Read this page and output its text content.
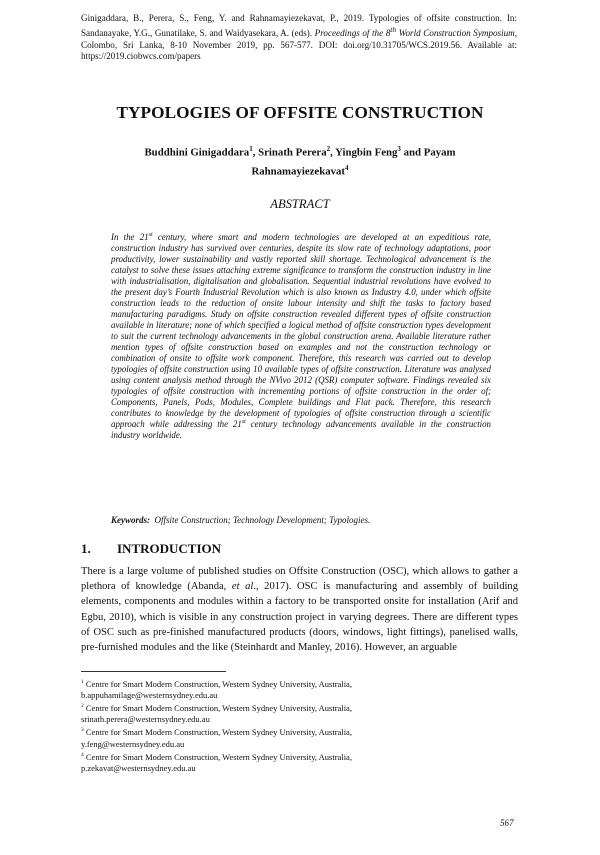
Ginigaddara, B., Perera, S., Feng, Y. and Rahnamayiezekavat, P., 2019. Typologies of offsite construction. In: Sandanayake, Y.G., Gunatilake, S. and Waidyasekara, A. (eds). Proceedings of the 8th World Construction Symposium, Colombo, Sri Lanka, 8-10 November 2019, pp. 567-577. DOI: doi.org/10.31705/WCS.2019.56. Available at: https://2019.ciobwcs.com/papers
TYPOLOGIES OF OFFSITE CONSTRUCTION
Buddhini Ginigaddara$^1$, Srinath Perera$^2$, Yingbin Feng$^3$ and Payam
Rahnamayiezekavat$^4$
ABSTRACT
In the 21st century, where smart and modern technologies are developed at an expeditious rate, construction industry has survived over centuries, despite its slow rate of technology adaptations, poor productivity, lower sustainability and vastly reported skill shortage. Technological advancement is the catalyst to solve these issues attaching extreme significance to transform the construction industry in line with industrialisation, digitalisation and globalisation. Sequential industrial revolutions have evolved to the present day’s Fourth Industrial Revolution which is also known as Industry 4.0, under which offsite construction leads to the reduction of onsite labour intensity and shift the tasks to factory based manufacturing paradigms. Study on offsite construction revealed different types of offsite construction available in literature; none of which specified a logical method of offsite construction types development to suit the current technology advancements in the global construction arena. Available literature rather mention types of offsite construction based on examples and not the construction technology or combination of onsite to offsite work component. Therefore, this research was carried out to develop typologies of offsite construction using 10 available types of offsite construction. Literature was analysed using content analysis method through the NVivo 2012 (QSR) computer software. Findings revealed six typologies of offsite construction with incrementing portions of offsite construction in the order of; Components, Panels, Pods, Modules, Complete buildings and Flat pack. Therefore, this research contributes to knowledge by the development of typologies of offsite construction through a scientific approach while addressing the 21st century technology advancements available in the construction industry worldwide.
Keywords: Offsite Construction; Technology Development; Typologies.
1. INTRODUCTION
There is a large volume of published studies on Offsite Construction (OSC), which allows to gather a plethora of knowledge (Abanda, et al., 2017). OSC is manufacturing and assembly of building elements, components and modules within a factory to be transported onsite for installation (Arif and Egbu, 2010), which is visible in any construction project in varying degrees. There are different types of OSC such as pre-finished manufactured products (doors, windows, light fittings), panelised walls, pre-furnished modules and the like (Steinhardt and Manley, 2016). However, an arguable
$^1$ Centre for Smart Modern Construction, Western Sydney University, Australia,
b.appuhamilage@westernsydney.edu.au
$^2$ Centre for Smart Modern Construction, Western Sydney University, Australia,
srinath.perera@westernsydney.edu.au
$^3$ Centre for Smart Modern Construction, Western Sydney University, Australia,
y.feng@westernsydney.edu.au
$^4$ Centre for Smart Modern Construction, Western Sydney University, Australia,
p.zekavat@westernsydney.edu.au
567
